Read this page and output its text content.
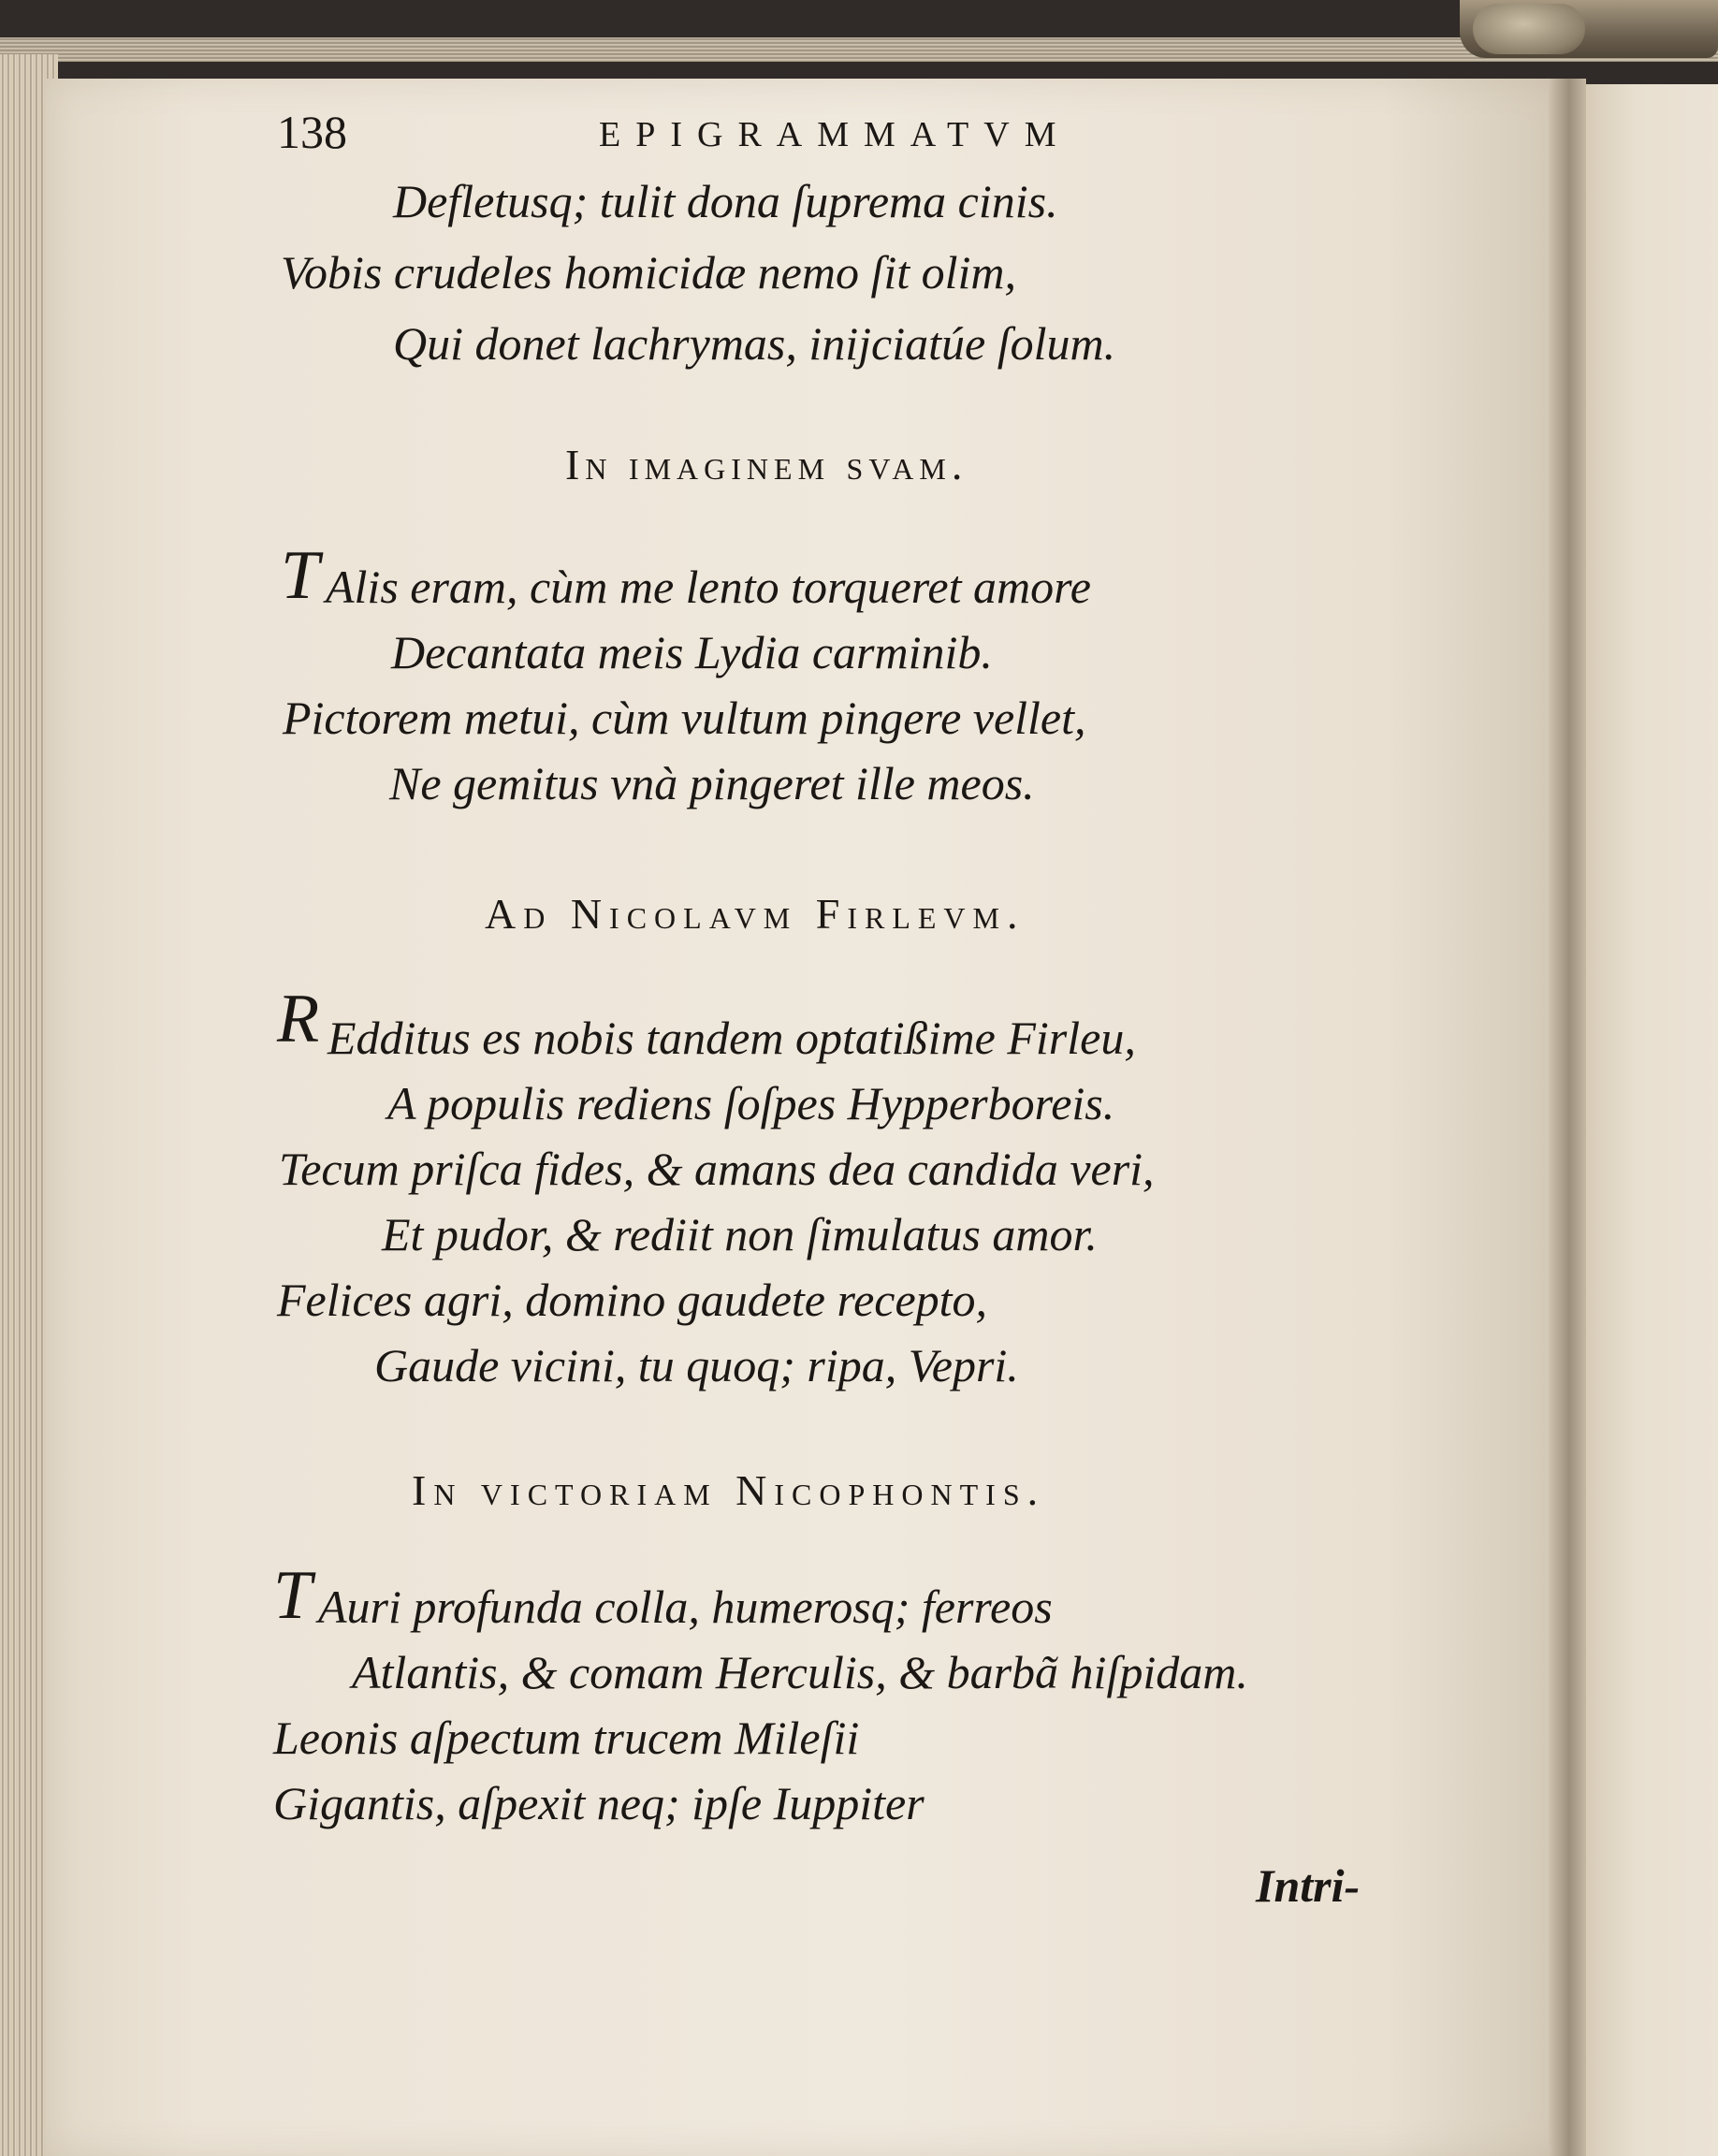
138	EPIGRAMMATVM
Defletusq; tulit dona ſuprema cinis.
Vobis crudeles homicidæ nemo ſit olim,
Qui donet lachrymas, inijciatúe ſolum.
In imaginem svam.
T Alis eram, cùm me lento torqueret amore
Decantata meis Lydia carminib.
Pictorem metui, cùm vultum pingere vellet,
Ne gemitus vnà pingeret ille meos.
Ad Nicolavm Firlevm.
R Edditus es nobis tandem optatißime Firleu,
A populis rediens ſoſpes Hypperboreis.
Tecum priſca fides, & amans dea candida veri,
Et pudor, & rediit non ſimulatus amor.
Felices agri, domino gaudete recepto,
Gaude vicini, tu quoq; ripa, Vepri.
In victoriam Nicophontis.
T Auri profunda colla, humerosq; ferreos
Atlantis, & comam Herculis, & barbã hiſpidam.
Leonis aſpectum trucem Mileſii
Gigantis, aſpexit neq; ipſe Iuppiter
Intri-
